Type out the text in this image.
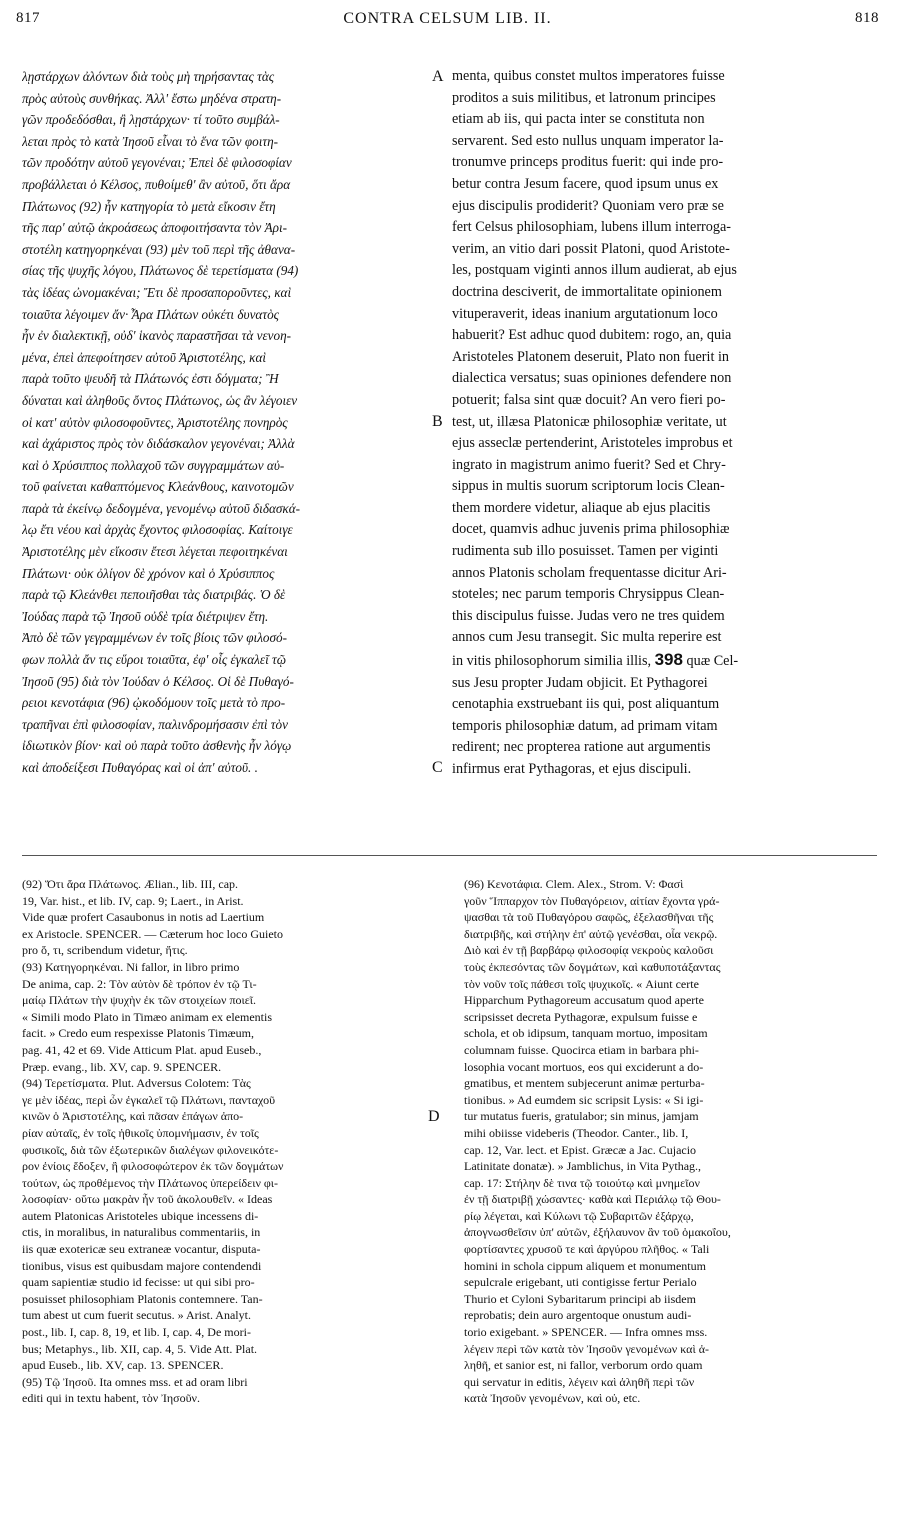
817	CONTRA CELSUM LIB. II.	818
λῃστάρχων ἀλόντων διὰ τοὺς μὴ τηρήσαντας τὰς
πρὸς αὐτοὺς συνθήκας. Ἀλλ' ἔστω μηδένα στρατη-
γῶν προδεδόσθαι, ἢ λῃστάρχων· τί τοῦτο συμβάλ-
λεται πρὸς τὸ κατὰ Ἰησοῦ εἶναι τὸ ἕνα τῶν φοιτη-
τῶν προδότην αὐτοῦ γεγονέναι; Ἐπεὶ δὲ φιλοσοφίαν
προβάλλεται ὁ Κέλσος, πυθοίμεθ' ἂν αὐτοῦ, ὅτι ἄρα
Πλάτωνος (92) ἦν κατηγορία τὸ μετὰ εἴκοσιν ἔτη
τῆς παρ' αὐτῷ ἀκροάσεως ἀποφοιτήσαντα τὸν Ἀρι-
στοτέλη κατηγορηκέναι (93) μὲν τοῦ περὶ τῆς ἀθανα-
σίας τῆς ψυχῆς λόγου, Πλάτωνος δὲ τερετίσματα (94)
τὰς ἰδέας ὠνομακέναι; Ἔτι δὲ προσαποροῦντες, καὶ
τοιαῦτα λέγοιμεν ἄν· Ἆρα Πλάτων οὐκέτι δυνατὸς
ἦν ἐν διαλεκτικῇ, οὐδ' ἱκανὸς παραστῆσαι τὰ νενοη-
μένα, ἐπεὶ ἀπεφοίτησεν αὐτοῦ Ἀριστοτέλης, καὶ
παρὰ τοῦτο ψευδῆ τὰ Πλάτωνός ἐστι δόγματα; Ἢ
δύναται καὶ ἀληθοῦς ὄντος Πλάτωνος, ὡς ἂν λέγοιεν
οἱ κατ' αὐτὸν φιλοσοφοῦντες, Ἀριστοτέλης πονηρὸς
καὶ ἀχάριστος πρὸς τὸν διδάσκαλον γεγονέναι; Ἀλλὰ
καὶ ὁ Χρύσιππος πολλαχοῦ τῶν συγγραμμάτων αὐ-
τοῦ φαίνεται καθαπτόμενος Κλεάνθους, καινοτομῶν
παρὰ τὰ ἐκείνῳ δεδογμένα, γενομένῳ αὐτοῦ διδασκά-
λῳ ἔτι νέου καὶ ἀρχὰς ἔχοντος φιλοσοφίας. Καίτοιγε
Ἀριστοτέλης μὲν εἴκοσιν ἔτεσι λέγεται πεφοιτηκέναι
Πλάτωνι· οὐκ ὀλίγον δὲ χρόνον καὶ ὁ Χρύσιππος
παρὰ τῷ Κλεάνθει πεποιῆσθαι τὰς διατριβάς. Ὁ δὲ
Ἰούδας παρὰ τῷ Ἰησοῦ οὐδὲ τρία διέτριψεν ἔτη.
Ἀπὸ δὲ τῶν γεγραμμένων ἐν τοῖς βίοις τῶν φιλοσό-
φων πολλὰ ἄν τις εὕροι τοιαῦτα, ἐφ' οἷς ἐγκαλεῖ τῷ
Ἰησοῦ (95) διὰ τὸν Ἰούδαν ὁ Κέλσος. Οἱ δὲ Πυθαγό-
ρειοι κενοτάφια (96) ᾠκοδόμουν τοῖς μετὰ τὸ προ-
τραπῆναι ἐπὶ φιλοσοφίαν, παλινδρομήσασιν ἐπὶ τὸν
ἰδιωτικὸν βίον· καὶ οὐ παρὰ τοῦτο ἀσθενὴς ἦν λόγῳ
καὶ ἀποδείξεσι Πυθαγόρας καὶ οἱ ἀπ' αὐτοῦ. .
menta, quibus constet multos imperatores fuisse
proditos a suis militibus, et latronum principes
etiam ab iis, qui pacta inter se constituta non
servarent. Sed esto nullus unquam imperator la-
tronumve princeps proditus fuerit: qui inde pro-
betur contra Jesum facere, quod ipsum unus ex
ejus discipulis prodiderit? Quoniam vero præ se
fert Celsus philosophiam, lubens illum interroga-
verim, an vitio dari possit Platoni, quod Aristote-
les, postquam viginti annos illum audierat, ab ejus
doctrina desciverit, de immortalitate opinionem
vituperaverit, ideas inanium argutationum loco
habuerit? Est adhuc quod dubitem: rogo, an, quia
Aristoteles Platonem deseruit, Plato non fuerit in
dialectica versatus; suas opiniones defendere non
potuerit; falsa sint quæ docuit? An vero fieri po-
test, ut, illæsa Platonicæ philosophiæ veritate, ut
ejus asseclæ pertenderint, Aristoteles improbus et
ingrato in magistrum animo fuerit? Sed et Chry-
sippus in multis suorum scriptorum locis Clean-
them mordere videtur, aliaque ab ejus placitis
docet, quamvis adhuc juvenis prima philosophiæ
rudimenta sub illo posuisset. Tamen per viginti
annos Platonis scholam frequentasse dicitur Ari-
stoteles; nec parum temporis Chrysippus Clean-
this discipulus fuisse. Judas vero ne tres quidem
annos cum Jesu transegit. Sic multa reperire est
in vitis philosophorum similia illis, 398 quæ Cel-
sus Jesu propter Judam objicit. Et Pythagorei
cenotaphia exstruebant iis qui, post aliquantum
temporis philosophiæ datum, ad primam vitam
redirent; nec propterea ratione aut argumentis
infirmus erat Pythagoras, et ejus discipuli.
A
B
C
D
(92) Ὅτι ἄρα Πλάτωνος. Ælian., lib. III, cap.
19, Var. hist., et lib. IV, cap. 9; Laert., in Arist.
Vide quæ profert Casaubonus in notis ad Laertium
ex Aristocle. SPENCER. — Cæterum hoc loco Guieto
pro ὅ, τι, scribendum videtur, ἥτις.
(93) Κατηγορηκέναι. Ni fallor, in libro primo
De anima, cap. 2: Τὸν αὐτὸν δὲ τρόπον ἐν τῷ Τι-
μαίῳ Πλάτων τὴν ψυχὴν ἐκ τῶν στοιχείων ποιεῖ.
« Simili modo Plato in Timæo animam ex elementis
facit. » Credo eum respexisse Platonis Timæum,
pag. 41, 42 et 69. Vide Atticum Plat. apud Euseb.,
Præp. evang., lib. XV, cap. 9. SPENCER.
(94) Τερετίσματα. Plut. Adversus Colotem: Τὰς
γε μὲν ἰδέας, περὶ ὧν ἐγκαλεῖ τῷ Πλάτωνι, πανταχοῦ
κινῶν ὁ Ἀριστοτέλης, καὶ πᾶσαν ἐπάγων ἀπο-
ρίαν αὐταῖς, ἐν τοῖς ἠθικοῖς ὑπομνήμασιν, ἐν τοῖς
φυσικοῖς, διὰ τῶν ἐξωτερικῶν διαλέγων φιλονεικότε-
ρον ἐνίοις ἔδοξεν, ἢ φιλοσοφώτερον ἐκ τῶν δογμάτων
τούτων, ὡς προθέμενος τὴν Πλάτωνος ὑπερείδειν φι-
λοσοφίαν· οὕτω μακρὰν ἦν τοῦ ἀκολουθεῖν. « Ideas
autem Platonicas Aristoteles ubique incessens di-
ctis, in moralibus, in naturalibus commentariis, in
iis quæ exotericæ seu extraneæ vocantur, disputa-
tionibus, visus est quibusdam majore contendendi
quam sapientiæ studio id fecisse: ut qui sibi pro-
posuisset philosophiam Platonis contemnere. Tan-
tum abest ut cum fuerit secutus. » Arist. Analyt.
post., lib. I, cap. 8, 19, et lib. I, cap. 4, De mori-
bus; Metaphys., lib. XII, cap. 4, 5. Vide Att. Plat.
apud Euseb., lib. XV, cap. 13. SPENCER.
(95) Τῷ Ἰησοῦ. Ita omnes mss. et ad oram libri
editi qui in textu habent, τὸν Ἰησοῦν.
(96) Κενοτάφια. Clem. Alex., Strom. V: Φασὶ
γοῦν Ἵππαρχον τὸν Πυθαγόρειον, αἰτίαν ἔχοντα γρά-
ψασθαι τὰ τοῦ Πυθαγόρου σαφῶς, ἐξελασθῆναι τῆς
διατριβῆς, καὶ στήλην ἐπ' αὐτῷ γενέσθαι, οἷα νεκρῷ.
Διὸ καὶ ἐν τῇ βαρβάρῳ φιλοσοφίᾳ νεκροὺς καλοῦσι
τοὺς ἐκπεσόντας τῶν δογμάτων, καὶ καθυποτάξαντας
τὸν νοῦν τοῖς πάθεσι τοῖς ψυχικοῖς. « Aiunt certe
Hipparchum Pythagoreum accusatum quod aperte
scripsisset decreta Pythagoræ, expulsum fuisse e
schola, et ob idipsum, tanquam mortuo, impositam
columnam fuisse. Quocirca etiam in barbara phi-
losophia vocant mortuos, eos qui exciderunt a do-
gmatibus, et mentem subjecerunt animæ perturba-
tionibus. » Ad eumdem sic scripsit Lysis: « Si igi-
tur mutatus fueris, gratulabor; sin minus, jamjam
mihi obiisse videberis (Theodor. Canter., lib. I,
cap. 12, Var. lect. et Epist. Græcæ a Jac. Cujacio
Latinitate donatæ). » Jamblichus, in Vita Pythag.,
cap. 17: Στήλην δὲ τινα τῷ τοιούτῳ καὶ μνημεῖον
ἐν τῇ διατριβῇ χώσαντες· καθὰ καὶ Περιάλῳ τῷ Θου-
ρίῳ λέγεται, καὶ Κύλωνι τῷ Συβαριτῶν ἐξάρχῳ,
ἀπογνωσθεῖσιν ὑπ' αὐτῶν, ἐξήλαυνον ἂν τοῦ ὁμακοΐου,
φορτίσαντες χρυσοῦ τε καὶ ἀργύρου πλῆθος. « Tali
homini in schola cippum aliquem et monumentum
sepulcrale erigebant, uti contigisse fertur Perialo
Thurio et Cyloni Sybaritarum principi ab iisdem
reprobatis; dein auro argentoque onustum audi-
torio exigebant. » SPENCER. — Infra omnes mss.
λέγειν περὶ τῶν κατὰ τὸν Ἰησοῦν γενομένων καὶ ἀ-
ληθῆ, et sanior est, ni fallor, verborum ordo quam
qui servatur in editis, λέγειν καὶ ἀληθῆ περὶ τῶν
κατὰ Ἰησοῦν γενομένων, καὶ οὐ, etc.
